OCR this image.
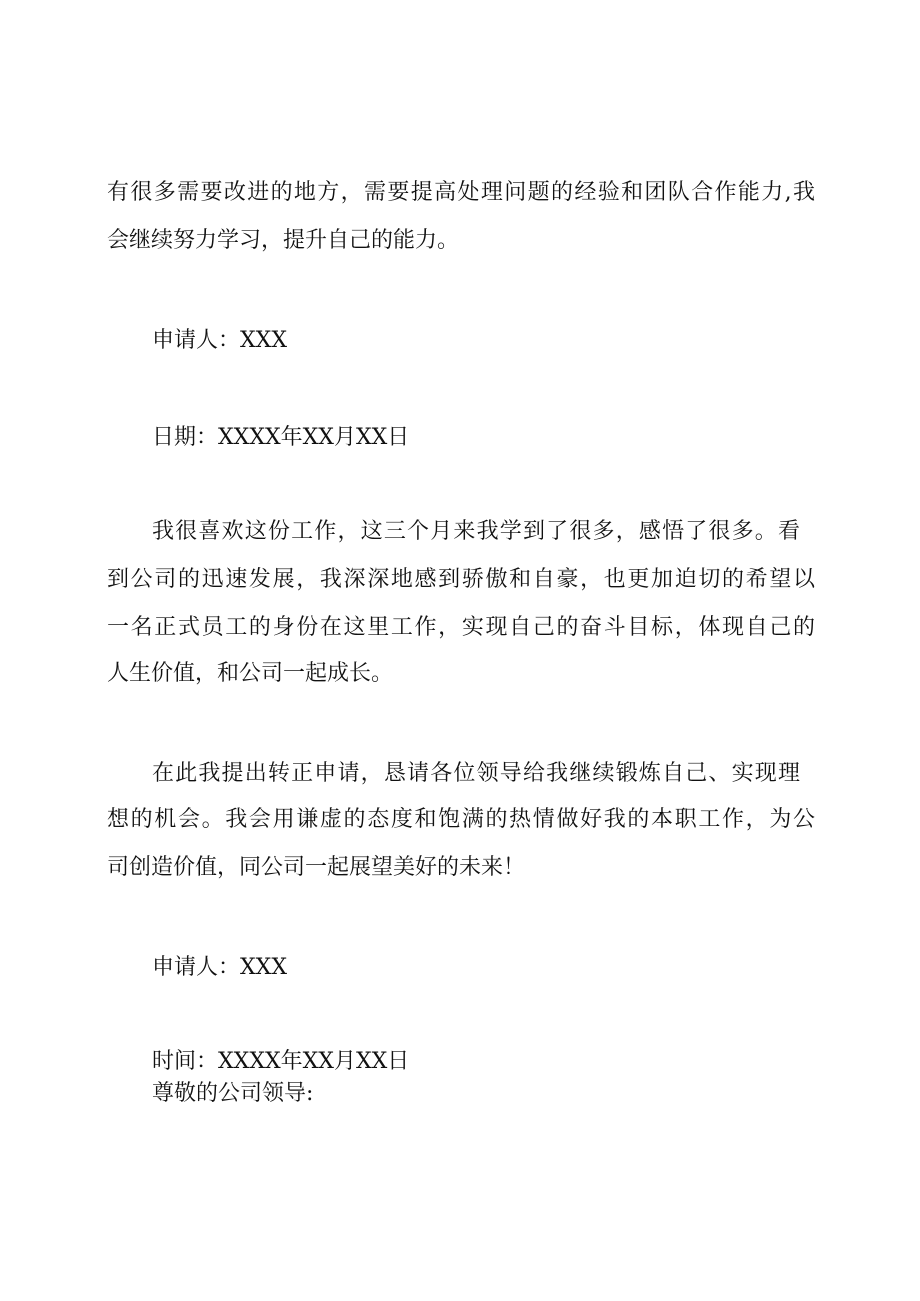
有很多需要改进的地方，需要提高处理问题的经验和团队合作能力,我

会继续努力学习，提升自己的能力。

申请人：XXX

日期：XXXX年XX月XX日

我很喜欢这份工作，这三个月来我学到了很多，感悟了很多。看

到公司的迅速发展，我深深地感到骄傲和自豪，也更加迫切的希望以

一名正式员工的身份在这里工作，实现自己的奋斗目标，体现自己的

人生价值，和公司一起成长。

在此我提出转正申请，恳请各位领导给我继续锻炼自己、实现理

想的机会。我会用谦虚的态度和饱满的热情做好我的本职工作，为公

司创造价值，同公司一起展望美好的未来！

申请人：XXX

时间：XXXX年XX月XX日

尊敬的公司领导:
